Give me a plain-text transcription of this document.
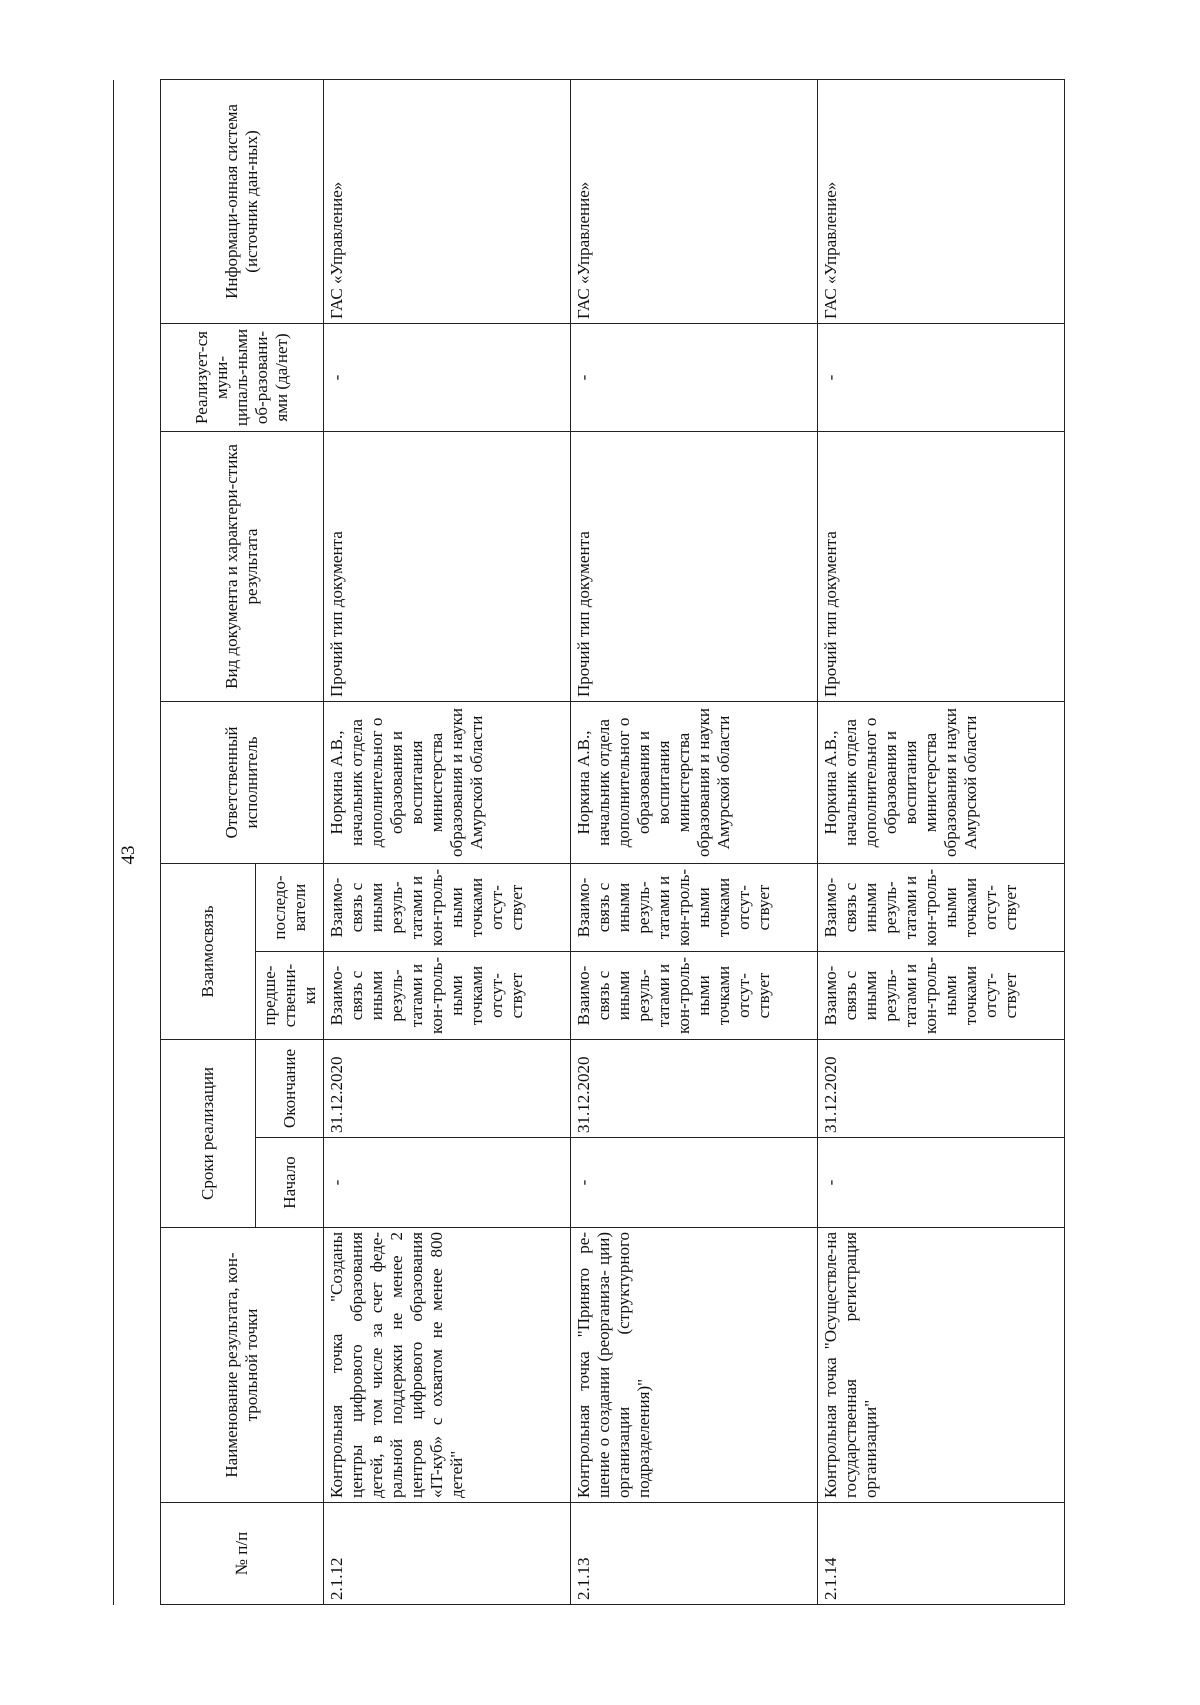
43
№ п/п	Наименование результата, кон-трольной точки	Сроки реализации		Взаимосвязь		Ответственный исполнитель	Вид документа и характери-стика результата	Реализует-ся муни-ципаль-ными об-разовани-ями (да/нет)	Информаци-онная система (источник дан-ных)
		Начало	Окончание	предше-ственни-ки	последо-ватели				
2.1.12	Контрольная точка "Созданы центры цифрового образования детей, в том числе за счет феде-ральной поддержки не менее 2 центров цифрового образования «IT-куб» с охватом не менее 800 детей"	-	31.12.2020	Взаимо-связь с иными резуль-татами и кон-троль-ными точками отсут-ствует	Взаимо-связь с иными резуль-татами и кон-троль-ными точками отсут-ствует	Норкина А.В., начальник отдела дополнительног о образования и воспитания министерства образования и науки Амурской области	Прочий тип документа	-	ГАС «Управление»
2.1.13	Контрольная точка "Принято ре-шение о создании (реорганиза- ции) организации (структурного подразделения)"	-	31.12.2020	Взаимо-связь с иными резуль-татами и кон-троль-ными точками отсут-ствует	Взаимо-связь с иными резуль-татами и кон-троль-ными точками отсут-ствует	Норкина А.В., начальник отдела дополнительног о образования и воспитания министерства образования и науки Амурской области	Прочий тип документа	-	ГАС «Управление»
2.1.14	Контрольная точка "Осуществле-на государственная регистрация организации"	-	31.12.2020	Взаимо-связь с иными резуль-татами и кон-троль-ными точками отсут-ствует	Взаимо-связь с иными резуль-татами и кон-троль-ными точками отсут-ствует	Норкина А.В., начальник отдела дополнительног о образования и воспитания министерства образования и науки Амурской области	Прочий тип документа	-	ГАС «Управление»
